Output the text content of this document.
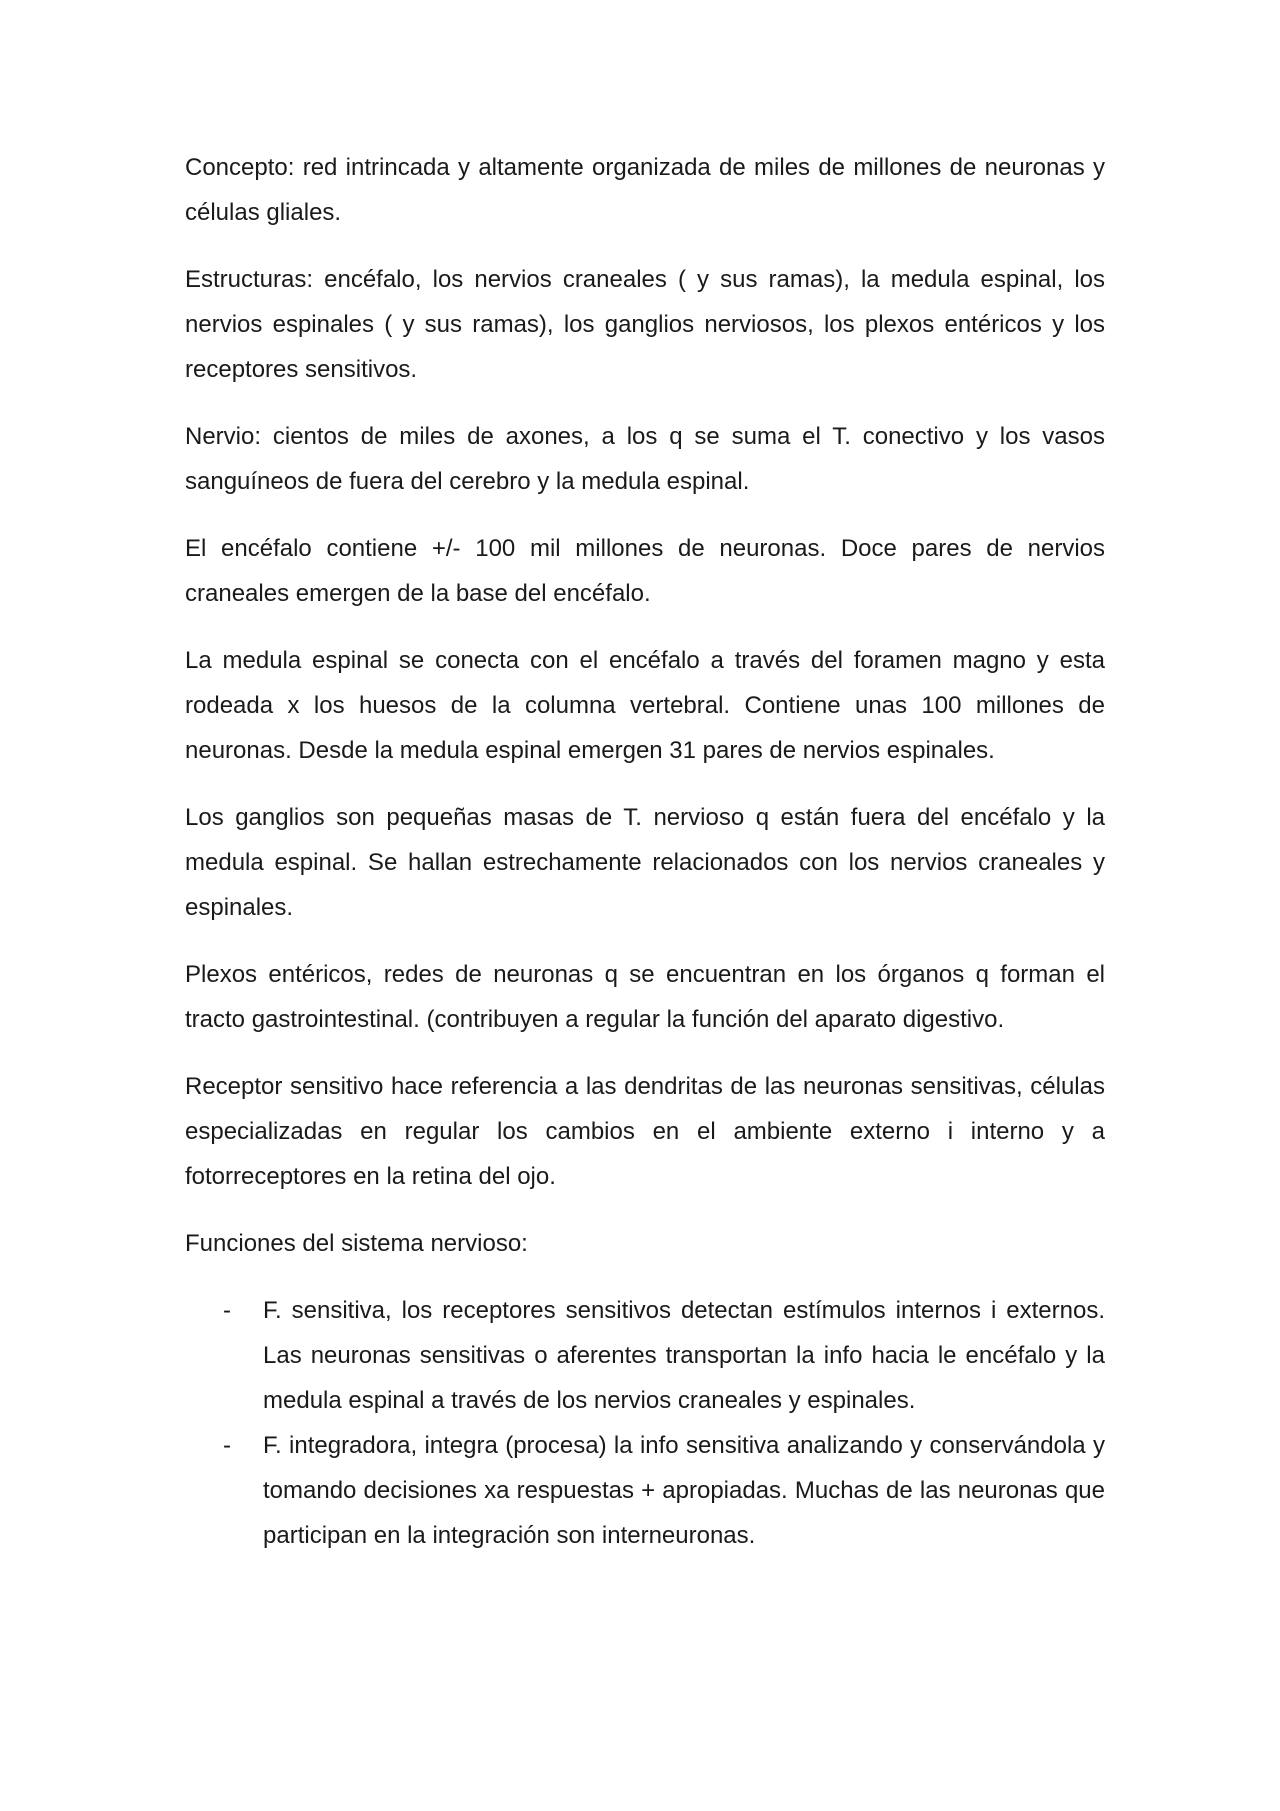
Concepto: red intrincada y altamente organizada de miles de millones de neuronas y células gliales.

Estructuras: encéfalo, los nervios craneales ( y sus ramas), la medula espinal, los nervios espinales ( y sus ramas), los ganglios nerviosos, los plexos entéricos y los receptores sensitivos.

Nervio: cientos de miles de axones, a los q se suma el T. conectivo y los vasos sanguíneos de fuera del cerebro y la medula espinal.

El encéfalo contiene +/- 100 mil millones de neuronas. Doce pares de nervios craneales emergen de la base del encéfalo.

La medula espinal se conecta con el encéfalo a través del foramen magno y esta rodeada x los huesos de la columna vertebral. Contiene unas 100 millones de neuronas. Desde la medula espinal emergen 31 pares de nervios espinales.

Los ganglios son pequeñas masas de T. nervioso q están fuera del encéfalo y la medula espinal. Se hallan estrechamente relacionados con los nervios craneales y espinales.

Plexos entéricos, redes de neuronas q se encuentran en los órganos q forman el tracto gastrointestinal. (contribuyen a regular la función del aparato digestivo.

Receptor sensitivo hace referencia a las dendritas de las neuronas sensitivas, células especializadas en regular los cambios en el ambiente externo i interno y a fotorreceptores en la retina del ojo.

Funciones del sistema nervioso:

- F. sensitiva, los receptores sensitivos detectan estímulos internos i externos. Las neuronas sensitivas o aferentes transportan la info hacia le encéfalo y la medula espinal a través de los nervios craneales y espinales.
- F. integradora, integra (procesa) la info sensitiva analizando y conservándola y tomando decisiones xa respuestas + apropiadas. Muchas de las neuronas que participan en la integración son interneuronas.
